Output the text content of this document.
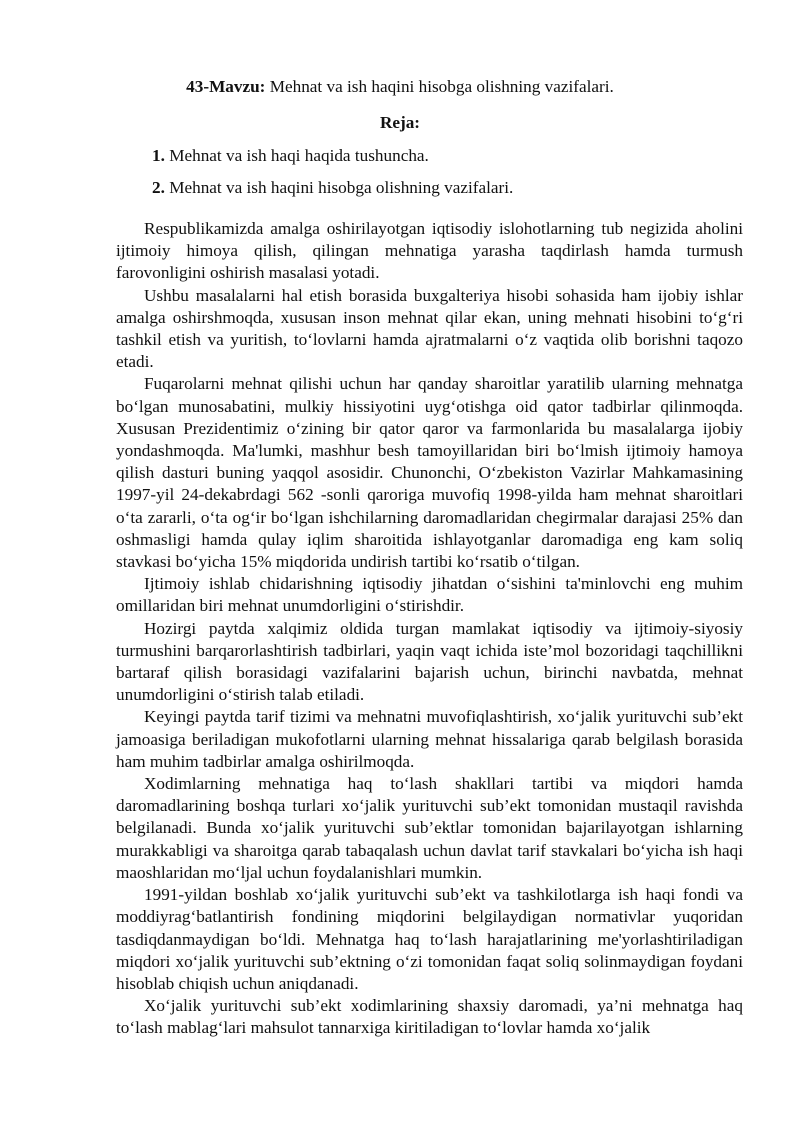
43-Mavzu: Mehnat va ish haqini hisobga olishning vazifalari.
Reja:
1. Mehnat va ish haqi haqida tushuncha.
2. Mehnat va ish haqini hisobga olishning vazifalari.

Respublikamizda amalga oshirilayotgan iqtisodiy islohotlarning tub negizida aholini ijtimoiy himoya qilish, qilingan mehnatiga yarasha taqdirlash hamda turmush farovonligini oshirish masalasi yotadi.

Ushbu masalalarni hal etish borasida buxgalteriya hisobi sohasida ham ijobiy ishlar amalga oshirshmoqda, xususan inson mehnat qilar ekan, uning mehnati hisobini to‘g‘ri tashkil etish va yuritish, to‘lovlarni hamda ajratmalarni o‘z vaqtida olib borishni taqozo etadi.

Fuqarolarni mehnat qilishi uchun har qanday sharoitlar yaratilib ularning mehnatga bo‘lgan munosabatini, mulkiy hissiyotini uyg‘otishga oid qator tadbirlar qilinmoqda. Xususan Prezidentimiz o‘zining bir qator qaror va farmonlarida bu masalalarga ijobiy yondashmoqda. Ma'lumki, mashhur besh tamoyillaridan biri bo‘lmish ijtimoiy hamoya qilish dasturi buning yaqqol asosidir. Chunonchi, O‘zbekiston Vazirlar Mahkamasining 1997-yil 24-dekabrdagi 562 -sonli qaroriga muvofiq 1998-yilda ham mehnat sharoitlari o‘ta zararli, o‘ta og‘ir bo‘lgan ishchilarning daromadlaridan chegirmalar darajasi 25% dan oshmasligi hamda qulay iqlim sharoitida ishlayotganlar daromadiga eng kam soliq stavkasi bo‘yicha 15% miqdorida undirish tartibi ko‘rsatib o‘tilgan.

Ijtimoiy ishlab chidarishning iqtisodiy jihatdan o‘sishini ta'minlovchi eng muhim omillaridan biri mehnat unumdorligini o‘stirishdir.

Hozirgi paytda xalqimiz oldida turgan mamlakat iqtisodiy va ijtimoiy-siyosiy turmushini barqarorlashtirish tadbirlari, yaqin vaqt ichida iste’mol bozoridagi taqchillikni bartaraf qilish borasidagi vazifalarini bajarish uchun, birinchi navbatda, mehnat unumdorligini o‘stirish talab etiladi.

Keyingi paytda tarif tizimi va mehnatni muvofiqlashtirish, xo‘jalik yurituvchi sub’ekt jamoasiga beriladigan mukofotlarni ularning mehnat hissalariga qarab belgilash borasida ham muhim tadbirlar amalga oshirilmoqda.

Xodimlarning mehnatiga haq to‘lash shakllari tartibi va miqdori hamda daromadlarining boshqa turlari xo‘jalik yurituvchi sub’ekt tomonidan mustaqil ravishda belgilanadi. Bunda xo‘jalik yurituvchi sub’ektlar tomonidan bajarilayotgan ishlarning murakkabligi va sharoitga qarab tabaqalash uchun davlat tarif stavkalari bo‘yicha ish haqi maoshlaridan mo‘ljal uchun foydalanishlari mumkin.

1991-yildan boshlab xo‘jalik yurituvchi sub’ekt va tashkilotlarga ish haqi fondi va moddiyrag‘batlantirish fondining miqdorini belgilaydigan normativlar yuqoridan tasdiqdanmaydigan bo‘ldi. Mehnatga haq to‘lash harajatlarining me'yorlashtiriladigan miqdori xo‘jalik yurituvchi sub’ektning o‘zi tomonidan faqat soliq solinmaydigan foydani hisoblab chiqish uchun aniqdanadi.

Xo‘jalik yurituvchi sub’ekt xodimlarining shaxsiy daromadi, ya’ni mehnatga haq to‘lash mablag‘lari mahsulot tannarxiga kiritiladigan to‘lovlar hamda xo‘jalik
